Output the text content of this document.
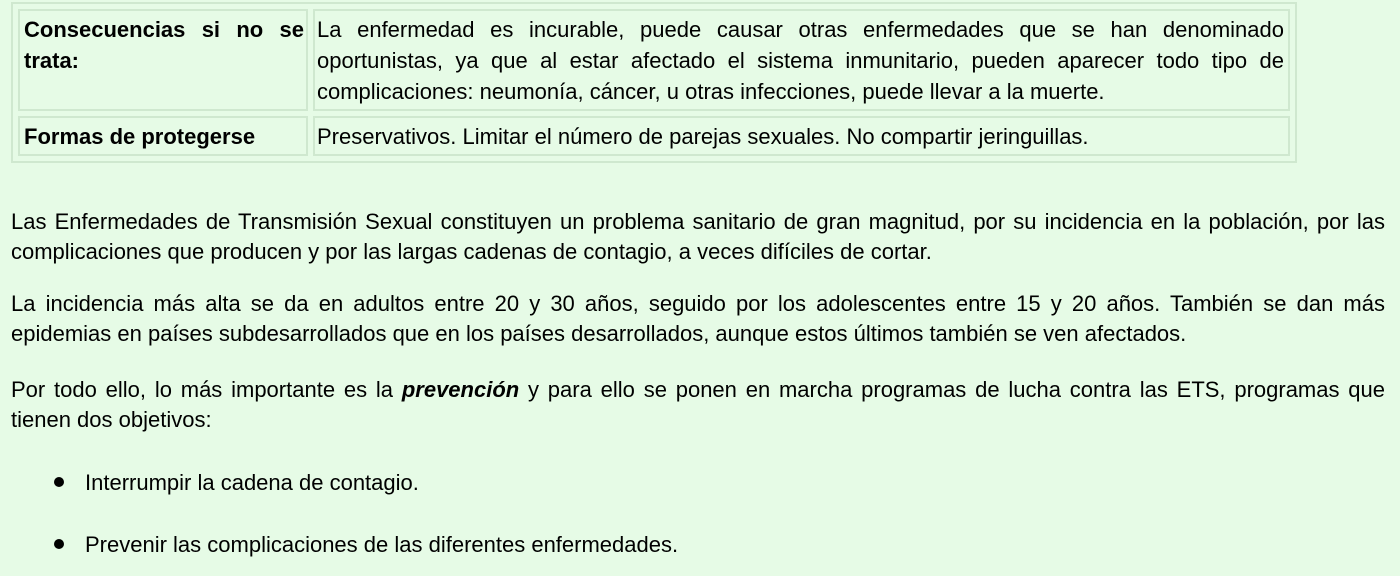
Consecuencias si no se trata:	La enfermedad es incurable, puede causar otras enfermedades que se han denominado oportunistas, ya que al estar afectado el sistema inmunitario, pueden aparecer todo tipo de complicaciones: neumonía, cáncer, u otras infecciones, puede llevar a la muerte.
Formas de protegerse	Preservativos. Limitar el número de parejas sexuales. No compartir jeringuillas.

Las Enfermedades de Transmisión Sexual constituyen un problema sanitario de gran magnitud, por su incidencia en la población, por las complicaciones que producen y por las largas cadenas de contagio, a veces difíciles de cortar.

La incidencia más alta se da en adultos entre 20 y 30 años, seguido por los adolescentes entre 15 y 20 años. También se dan más epidemias en países subdesarrollados que en los países desarrollados, aunque estos últimos también se ven afectados.

Por todo ello, lo más importante es la prevención y para ello se ponen en marcha programas de lucha contra las ETS, programas que tienen dos objetivos:

Interrumpir la cadena de contagio.
Prevenir las complicaciones de las diferentes enfermedades.
